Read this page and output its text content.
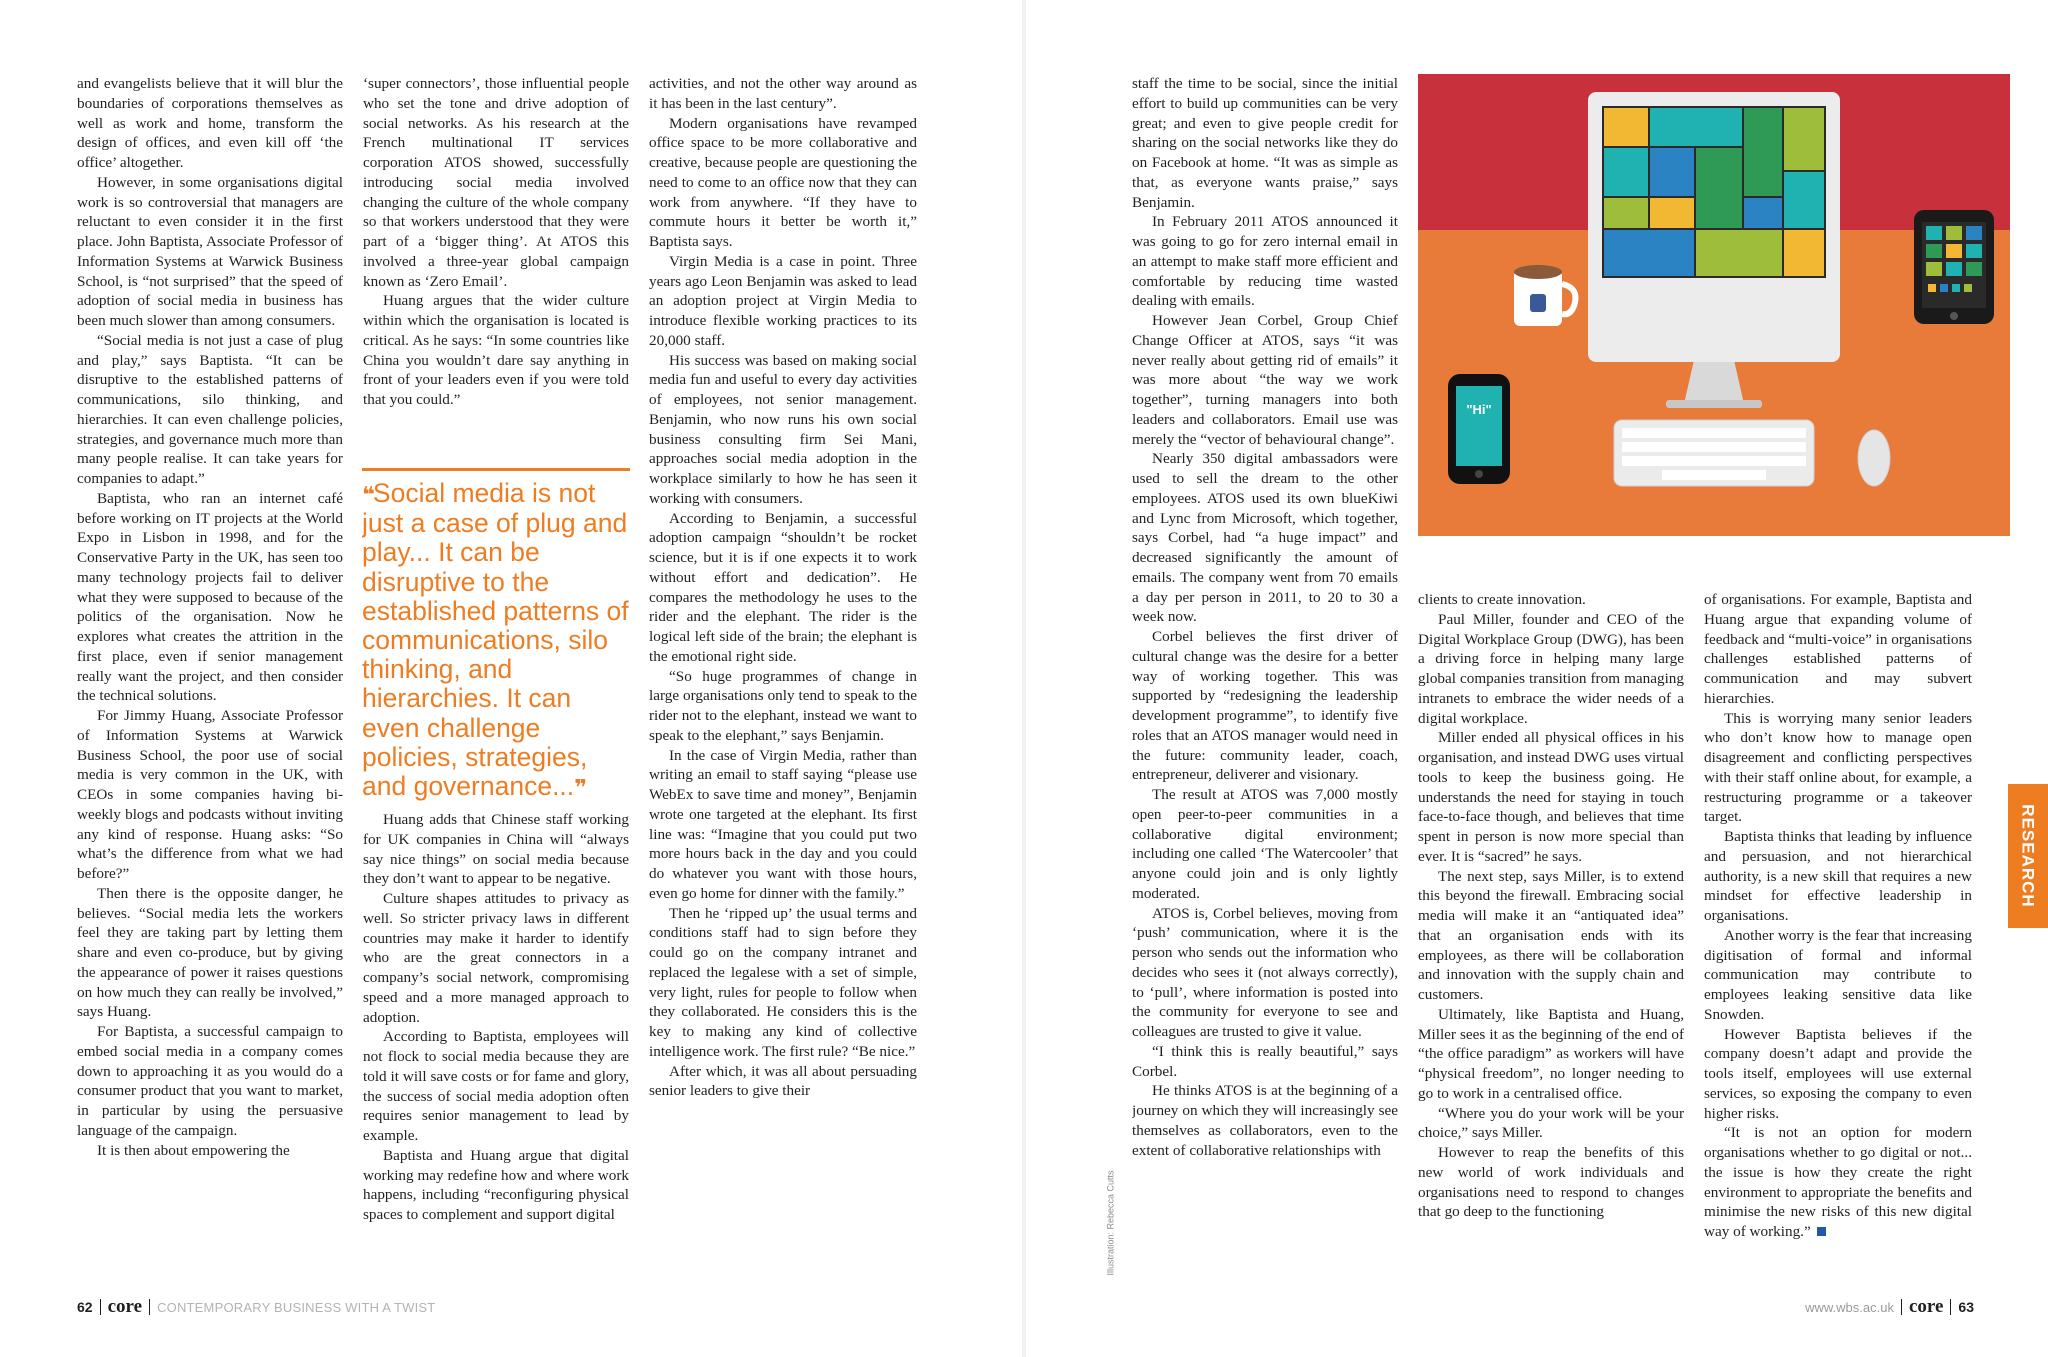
and evangelists believe that it will blur the boundaries of corporations themselves as well as work and home, transform the design of offices, and even kill off ‘the office’ altogether.

However, in some organisations digital work is so controversial that managers are reluctant to even consider it in the first place. John Baptista, Associate Professor of Information Systems at Warwick Business School, is “not surprised” that the speed of adoption of social media in business has been much slower than among consumers.

“Social media is not just a case of plug and play,” says Baptista. “It can be disruptive to the established patterns of communications, silo thinking, and hierarchies. It can even challenge policies, strategies, and governance much more than many people realise. It can take years for companies to adapt.”

Baptista, who ran an internet café before working on IT projects at the World Expo in Lisbon in 1998, and for the Conservative Party in the UK, has seen too many technology projects fail to deliver what they were supposed to because of the politics of the organisation. Now he explores what creates the attrition in the first place, even if senior management really want the project, and then consider the technical solutions.

For Jimmy Huang, Associate Professor of Information Systems at Warwick Business School, the poor use of social media is very common in the UK, with CEOs in some companies having bi-weekly blogs and podcasts without inviting any kind of response. Huang asks: “So what’s the difference from what we had before?”

Then there is the opposite danger, he believes. “Social media lets the workers feel they are taking part by letting them share and even co-produce, but by giving the appearance of power it raises questions on how much they can really be involved,” says Huang.

For Baptista, a successful campaign to embed social media in a company comes down to approaching it as you would do a consumer product that you want to market, in particular by using the persuasive language of the campaign.

It is then about empowering the

‘super connectors’, those influential people who set the tone and drive adoption of social networks. As his research at the French multinational IT services corporation ATOS showed, successfully introducing social media involved changing the culture of the whole company so that workers understood that they were part of a ‘bigger thing’. At ATOS this involved a three-year global campaign known as ‘Zero Email’.

Huang argues that the wider culture within which the organisation is located is critical. As he says: “In some countries like China you wouldn’t dare say anything in front of your leaders even if you were told that you could.”

❝Social media is not just a case of plug and play... It can be disruptive to the established patterns of communications, silo thinking, and hierarchies. It can even challenge policies, strategies, and governance...❞

Huang adds that Chinese staff working for UK companies in China will “always say nice things” on social media because they don’t want to appear to be negative.

Culture shapes attitudes to privacy as well. So stricter privacy laws in different countries may make it harder to identify who are the great connectors in a company’s social network, compromising speed and a more managed approach to adoption.

According to Baptista, employees will not flock to social media because they are told it will save costs or for fame and glory, the success of social media adoption often requires senior management to lead by example.

Baptista and Huang argue that digital working may redefine how and where work happens, including “reconfiguring physical spaces to complement and support digital

activities, and not the other way around as it has been in the last century”.

Modern organisations have revamped office space to be more collaborative and creative, because people are questioning the need to come to an office now that they can work from anywhere. “If they have to commute hours it better be worth it,” Baptista says.

Virgin Media is a case in point. Three years ago Leon Benjamin was asked to lead an adoption project at Virgin Media to introduce flexible working practices to its 20,000 staff.

His success was based on making social media fun and useful to every day activities of employees, not senior management. Benjamin, who now runs his own social business consulting firm Sei Mani, approaches social media adoption in the workplace similarly to how he has seen it working with consumers.

According to Benjamin, a successful adoption campaign “shouldn’t be rocket science, but it is if one expects it to work without effort and dedication”. He compares the methodology he uses to the rider and the elephant. The rider is the logical left side of the brain; the elephant is the emotional right side.

“So huge programmes of change in large organisations only tend to speak to the rider not to the elephant, instead we want to speak to the elephant,” says Benjamin.

In the case of Virgin Media, rather than writing an email to staff saying “please use WebEx to save time and money”, Benjamin wrote one targeted at the elephant. Its first line was: “Imagine that you could put two more hours back in the day and you could do whatever you want with those hours, even go home for dinner with the family.”

Then he ‘ripped up’ the usual terms and conditions staff had to sign before they could go on the company intranet and replaced the legalese with a set of simple, very light, rules for people to follow when they collaborated. He considers this is the key to making any kind of collective intelligence work. The first rule? “Be nice.”

After which, it was all about persuading senior leaders to give their

62 core CONTEMPORARY BUSINESS WITH A TWIST

staff the time to be social, since the initial effort to build up communities can be very great; and even to give people credit for sharing on the social networks like they do on Facebook at home. “It was as simple as that, as everyone wants praise,” says Benjamin.

In February 2011 ATOS announced it was going to go for zero internal email in an attempt to make staff more efficient and comfortable by reducing time wasted dealing with emails.

However Jean Corbel, Group Chief Change Officer at ATOS, says “it was never really about getting rid of emails” it was more about “the way we work together”, turning managers into both leaders and collaborators. Email use was merely the “vector of behavioural change”.

Nearly 350 digital ambassadors were used to sell the dream to the other employees. ATOS used its own blueKiwi and Lync from Microsoft, which together, says Corbel, had “a huge impact” and decreased significantly the amount of emails. The company went from 70 emails a day per person in 2011, to 20 to 30 a week now.

Corbel believes the first driver of cultural change was the desire for a better way of working together. This was supported by “redesigning the leadership development programme”, to identify five roles that an ATOS manager would need in the future: community leader, coach, entrepreneur, deliverer and visionary.

The result at ATOS was 7,000 mostly open peer-to-peer communities in a collaborative digital environment; including one called ‘The Watercooler’ that anyone could join and is only lightly moderated.

ATOS is, Corbel believes, moving from ‘push’ communication, where it is the person who sends out the information who decides who sees it (not always correctly), to ‘pull’, where information is posted into the community for everyone to see and colleagues are trusted to give it value.

“I think this is really beautiful,” says Corbel.

He thinks ATOS is at the beginning of a journey on which they will increasingly see themselves as collaborators, even to the extent of collaborative relationships with

Illustration: Rebecca Cutts
"Hi"

clients to create innovation.

Paul Miller, founder and CEO of the Digital Workplace Group (DWG), has been a driving force in helping many large global companies transition from managing intranets to embrace the wider needs of a digital workplace.

Miller ended all physical offices in his organisation, and instead DWG uses virtual tools to keep the business going. He understands the need for staying in touch face-to-face though, and believes that time spent in person is now more special than ever. It is “sacred” he says.

The next step, says Miller, is to extend this beyond the firewall. Embracing social media will make it an “antiquated idea” that an organisation ends with its employees, as there will be collaboration and innovation with the supply chain and customers.

Ultimately, like Baptista and Huang, Miller sees it as the beginning of the end of “the office paradigm” as workers will have “physical freedom”, no longer needing to go to work in a centralised office.

“Where you do your work will be your choice,” says Miller.

However to reap the benefits of this new world of work individuals and organisations need to respond to changes that go deep to the functioning

of organisations. For example, Baptista and Huang argue that expanding volume of feedback and “multi-voice” in organisations challenges established patterns of communication and may subvert hierarchies.

This is worrying many senior leaders who don’t know how to manage open disagreement and conflicting perspectives with their staff online about, for example, a restructuring programme or a takeover target.

Baptista thinks that leading by influence and persuasion, and not hierarchical authority, is a new skill that requires a new mindset for effective leadership in organisations.

Another worry is the fear that increasing digitisation of formal and informal communication may contribute to employees leaking sensitive data like Snowden.

However Baptista believes if the company doesn’t adapt and provide the tools itself, employees will use external services, so exposing the company to even higher risks.

“It is not an option for modern organisations whether to go digital or not... the issue is how they create the right environment to appropriate the benefits and minimise the new risks of this new digital way of working.”

RESEARCH
www.wbs.ac.uk core 63
